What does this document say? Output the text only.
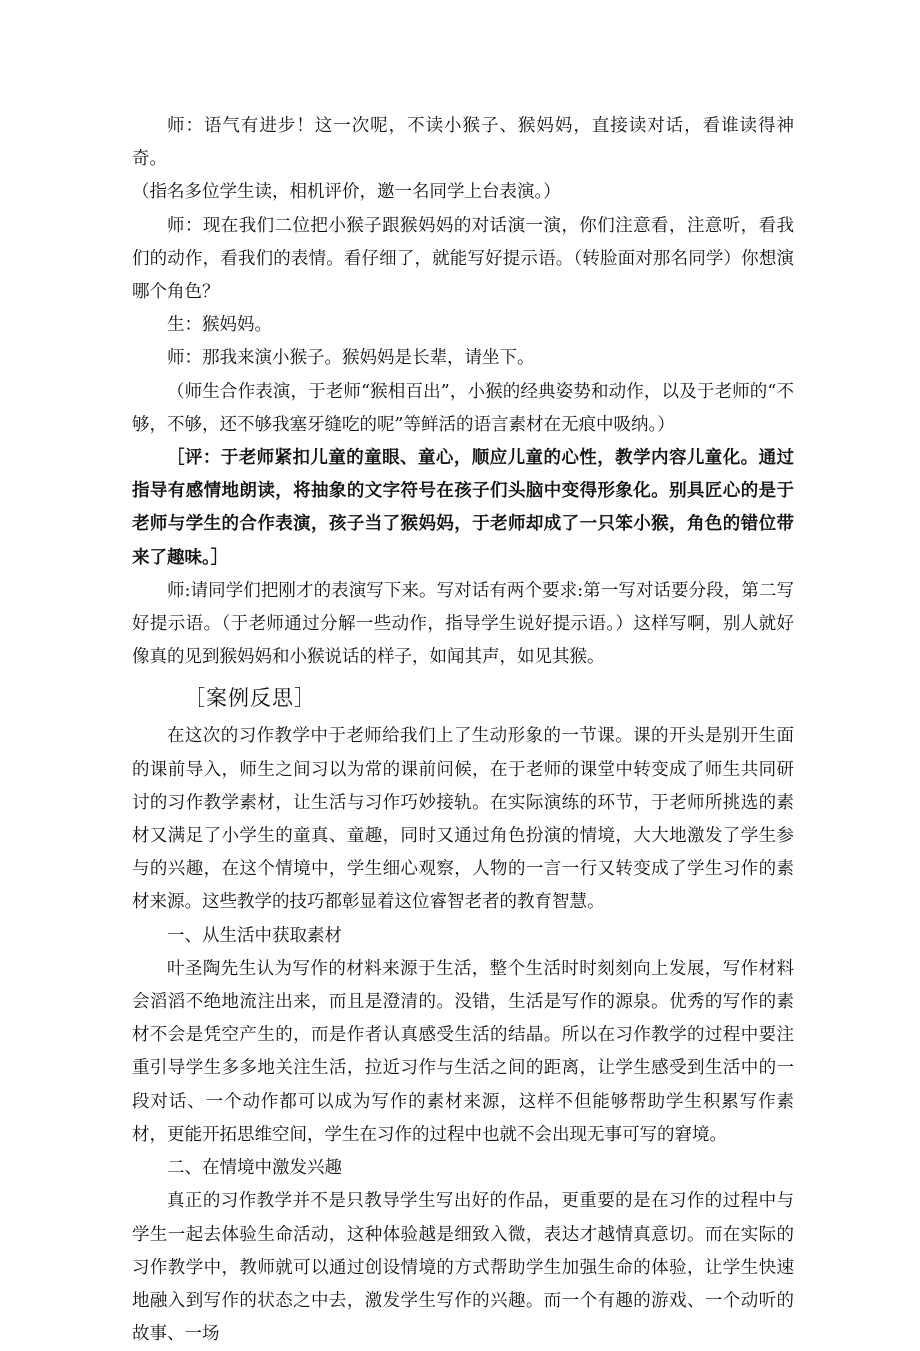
师：语气有进步！这一次呢，不读小猴子、猴妈妈，直接读对话，看谁读得神奇。

（指名多位学生读，相机评价，邀一名同学上台表演。）

师：现在我们二位把小猴子跟猴妈妈的对话演一演，你们注意看，注意听，看我们的动作，看我们的表情。看仔细了，就能写好提示语。（转脸面对那名同学）你想演哪个角色？

生：猴妈妈。

师：那我来演小猴子。猴妈妈是长辈，请坐下。

（师生合作表演，于老师“猴相百出”，小猴的经典姿势和动作，以及于老师的“不够，不够，还不够我塞牙缝吃的呢”等鲜活的语言素材在无痕中吸纳。）

［评：于老师紧扣儿童的童眼、童心，顺应儿童的心性，教学内容儿童化。通过指导有感情地朗读，将抽象的文字符号在孩子们头脑中变得形象化。别具匠心的是于老师与学生的合作表演，孩子当了猴妈妈，于老师却成了一只笨小猴，角色的错位带来了趣味。］

师:请同学们把刚才的表演写下来。写对话有两个要求:第一写对话要分段，第二写好提示语。（于老师通过分解一些动作，指导学生说好提示语。）这样写啊，别人就好像真的见到猴妈妈和小猴说话的样子，如闻其声，如见其猴。

［案例反思］

在这次的习作教学中于老师给我们上了生动形象的一节课。课的开头是别开生面的课前导入，师生之间习以为常的课前问候，在于老师的课堂中转变成了师生共同研讨的习作教学素材，让生活与习作巧妙接轨。在实际演练的环节，于老师所挑选的素材又满足了小学生的童真、童趣，同时又通过角色扮演的情境，大大地激发了学生参与的兴趣，在这个情境中，学生细心观察，人物的一言一行又转变成了学生习作的素材来源。这些教学的技巧都彰显着这位睿智老者的教育智慧。

一、从生活中获取素材

叶圣陶先生认为写作的材料来源于生活，整个生活时时刻刻向上发展，写作材料会滔滔不绝地流注出来，而且是澄清的。没错，生活是写作的源泉。优秀的写作的素材不会是凭空产生的，而是作者认真感受生活的结晶。所以在习作教学的过程中要注重引导学生多多地关注生活，拉近习作与生活之间的距离，让学生感受到生活中的一段对话、一个动作都可以成为写作的素材来源，这样不但能够帮助学生积累写作素材，更能开拓思维空间，学生在习作的过程中也就不会出现无事可写的窘境。

二、在情境中激发兴趣

真正的习作教学并不是只教导学生写出好的作品，更重要的是在习作的过程中与学生一起去体验生命活动，这种体验越是细致入微，表达才越情真意切。而在实际的习作教学中，教师就可以通过创设情境的方式帮助学生加强生命的体验，让学生快速地融入到写作的状态之中去，激发学生写作的兴趣。而一个有趣的游戏、一个动听的故事、一场
